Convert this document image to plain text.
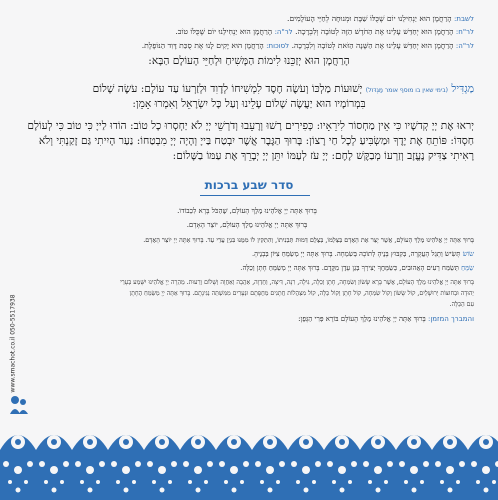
לשבת: הָרַחֲמָן הוּא יַנְחִילֵנוּ יוֹם שֶׁכֻּלּוֹ שַׁבָּת וּמְנוּחָה לְחַיֵּי הָעוֹלָמִים.
לר"ח: הָרַחֲמָן הוּא יְחַדֵּשׁ עָלֵינוּ אֶת הַחֹדֶשׁ הַזֶּה לְטוֹבָה וְלִבְרָכָה. לר"ה: הָרַחֲמָן הוּא יַנְחִילֵנוּ יוֹם שֶׁכֻּלּוֹ טוֹב.
לר"ה: הָרַחֲמָן הוּא יְחַדֵּשׁ עָלֵינוּ אֶת הַשָּׁנָה הַזֹּאת לְטוֹבָה וְלִבְרָכָה. לסוכות: הָרַחֲמָן הוּא יָקִים לָנוּ אֶת סֻכַּת דָּוִד הַנּוֹפָלֶת.
הָרַחֲמָן הוּא יְזַכֵּנוּ לִימוֹת הַמָּשִׁיחַ וּלְחַיֵּי הָעוֹלָם הַבָּא:
מַגְדִּיל (בימי שאין בו מוסף אומר מַגְדּוֹל) יְשׁוּעוֹת מַלְכּוֹ וְעֹשֶׂה חֶסֶד לִמְשִׁיחוֹ לְדָוִד וּלְזַרְעוֹ עַד עוֹלָם: עֹשֶׂה שָׁלוֹם
בִּמְרוֹמָיו הוּא יַעֲשֶׂה שָׁלוֹם עָלֵינוּ וְעַל כָּל יִשְׂרָאֵל וְאִמְרוּ אָמֵן:
יְראוּ אֶת יְיָ קְדשָׁיו כִּי אֵין מַחְסוֹר לִירֵאָיו: כְּפִירִים רָשׁוּ וְרָעֵבוּ וְדֹרְשֵׁי יְיָ לֹא יַחְסְרוּ כָל טוֹב: הוֹדוּ לַייָ כִּי טוֹב כִּי לְעוֹלָם
חַסְדּוֹ: פּוֹתֵחַ אֶת יָדֶךָ וּמַשְׂבִּיעַ לְכָל חַי רָצוֹן: בָּרוּךְ הַגֶּבֶר אֲשֶׁר יִבְטַח בַּייָ וְהָיָה יְיָ מִבְטַחוֹ: נַעַר הָיִיתִי גַּם זָקַנְתִּי וְלֹא
רָאִיתִי צַדִּיק נֶעֱזָב וְזַרְעוֹ מְבַקֶּשׁ לָחֶם: יְיָ עֹז לְעַמּוֹ יִתֵּן יְיָ יְבָרֵךְ אֶת עַמּוֹ בַשָּׁלוֹם:
סדר שבע ברכות
בָּרוּךְ אַתָּה יְיָ אֱלֹהֵינוּ מֶלֶךְ הָעוֹלָם, שֶׁהַכֹּל בָּרָא לִכְבוֹדוֹ.
בָּרוּךְ אַתָּה יְיָ אֱלֹהֵינוּ מֶלֶךְ הָעוֹלָם, יוֹצֵר הָאָדָם.
בָּרוּךְ אַתָּה יְיָ אֱלֹהֵינוּ מֶלֶךְ הָעוֹלָם, אֲשֶׁר יָצַר אֶת הָאָדָם בְּצַלְמוֹ, בְּצֶלֶם דְּמוּת תַּבְנִיתוֹ, וְהִתְקִין לוֹ מִמֶּנּוּ בִּנְיַן עֲדֵי עַד. בָּרוּךְ אַתָּה יְיָ יוֹצֵר הָאָדָם.
שׂוֹשׂ תָּשִׂישׂ וְתָגֵל הָעֲקָרָה, בְּקִבּוּץ בָּנֶיהָ לְתוֹכָהּ בְּשִׂמְחָה. בָּרוּךְ אַתָּה יְיָ מְשַׂמֵּחַ צִיּוֹן בְּבָנֶיהָ.
שַׂמֵּחַ תְּשַׂמַּח רֵעִים הָאֲהוּבִים, כְּשַׂמֵּחֲךָ יְצִירְךָ בְּגַן עֵדֶן מִקֶּדֶם. בָּרוּךְ אַתָּה יְיָ מְשַׂמֵּחַ חָתָן וְכַלָּה.
בָּרוּךְ אַתָּה יְיָ אֱלֹהֵינוּ מֶלֶךְ הָעוֹלָם, אֲשֶׁר בָּרָא שָׂשׂוֹן וְשִׂמְחָה, חָתָן וְכַלָּה, גִּילָה, רִנָּה, דִּיצָה, וְחֶדְוָה, אַהֲבָה וְאַחֲוָה וְשָׁלוֹם וְרֵעוּת. מְהֵרָה יְיָ אֱלֹהֵינוּ יִשָּׁמַע בְּעָרֵי
יְהוּדָה וּבְחוּצוֹת יְרוּשָׁלַיִם, קוֹל שָׂשׂוֹן וְקוֹל שִׂמְחָה, קוֹל חָתָן וְקוֹל כַּלָּה, קוֹל מִצְהֲלוֹת חֲתָנִים מֵחֻפָּתָם וּנְעָרִים מִמִּשְׁתֵּה נְגִינָתָם. בָּרוּךְ אַתָּה יְיָ מְשַׂמֵּחַ הֶחָתָן
עִם הַכַּלָּה.
והמברך המזמן: בָּרוּךְ אַתָּה יְיָ אֱלֹהֵינוּ מֶלֶךְ הָעוֹלָם בּוֹרֵא פְּרִי הַגָּפֶן:
www.smachot.co.il 050-5517938
